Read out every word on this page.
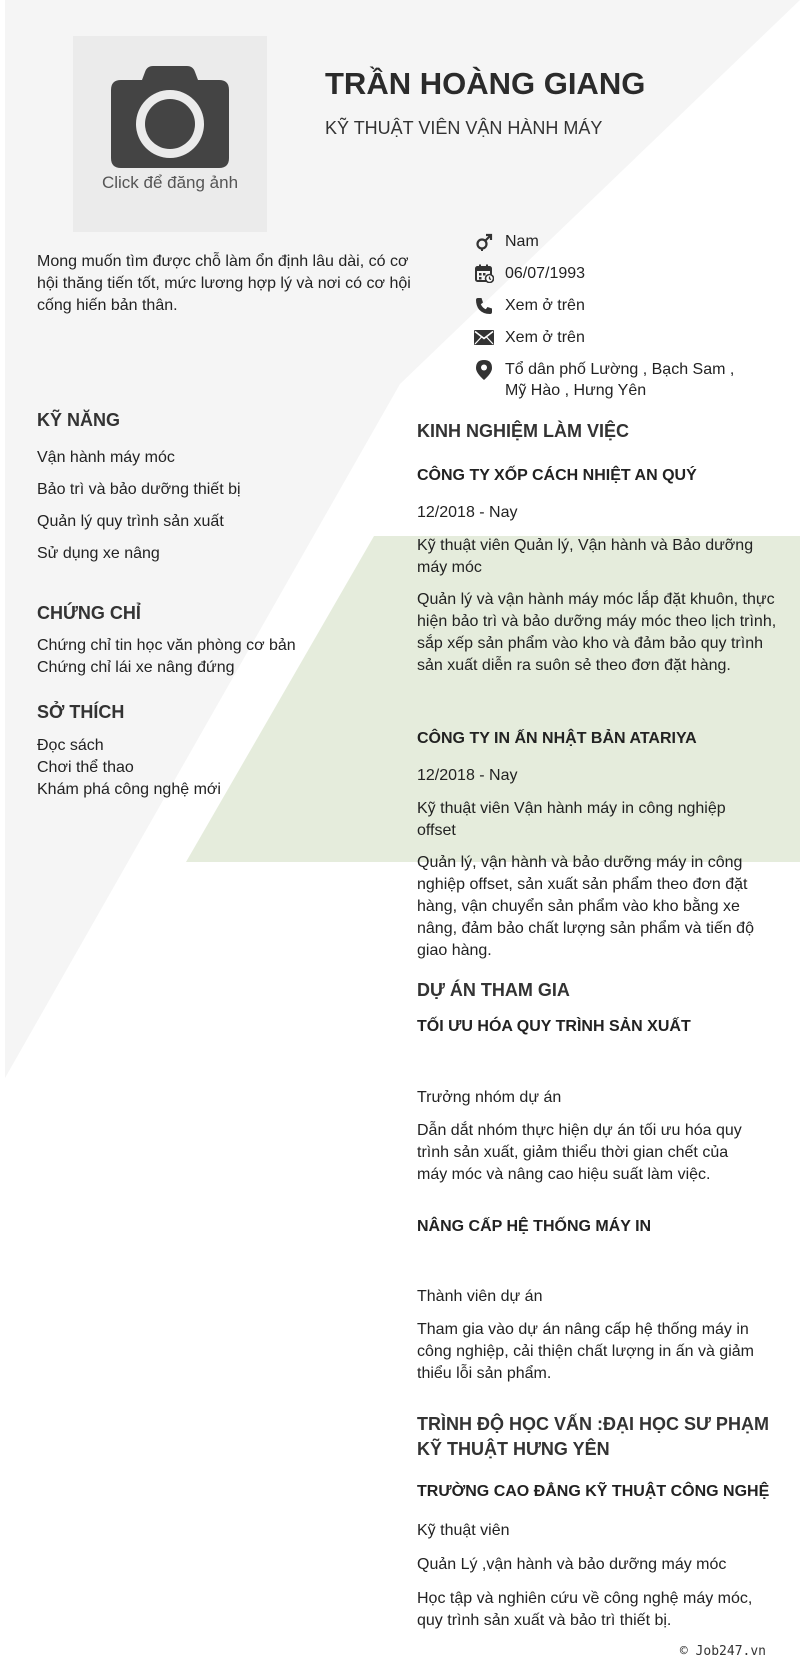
Click để đăng ảnh
TRẦN HOÀNG GIANG
KỸ THUẬT VIÊN VẬN HÀNH MÁY
Mong muốn tìm được chỗ làm ổn định lâu dài, có cơ hội thăng tiến tốt, mức lương hợp lý và nơi có cơ hội cống hiến bản thân.
Nam
06/07/1993
Xem ở trên
Xem ở trên
Tổ dân phố Lường , Bạch Sam , Mỹ Hào , Hưng Yên
KỸ NĂNG
Vận hành máy móc
Bảo trì và bảo dưỡng thiết bị
Quản lý quy trình sản xuất
Sử dụng xe nâng
CHỨNG CHỈ
Chứng chỉ tin học văn phòng cơ bản
Chứng chỉ lái xe nâng đứng
SỞ THÍCH
Đọc sách
Chơi thể thao
Khám phá công nghệ mới
KINH NGHIỆM LÀM VIỆC
CÔNG TY XỐP CÁCH NHIỆT AN QUÝ
12/2018 - Nay
Kỹ thuật viên Quản lý, Vận hành và Bảo dưỡng máy móc
Quản lý và vận hành máy móc lắp đặt khuôn, thực hiện bảo trì và bảo dưỡng máy móc theo lịch trình, sắp xếp sản phẩm vào kho và đảm bảo quy trình sản xuất diễn ra suôn sẻ theo đơn đặt hàng.
CÔNG TY IN ẤN NHẬT BẢN ATARIYA
12/2018 - Nay
Kỹ thuật viên Vận hành máy in công nghiệp offset
Quản lý, vận hành và bảo dưỡng máy in công nghiệp offset, sản xuất sản phẩm theo đơn đặt hàng, vận chuyển sản phẩm vào kho bằng xe nâng, đảm bảo chất lượng sản phẩm và tiến độ giao hàng.
DỰ ÁN THAM GIA
TỐI ƯU HÓA QUY TRÌNH SẢN XUẤT
Trưởng nhóm dự án
Dẫn dắt nhóm thực hiện dự án tối ưu hóa quy trình sản xuất, giảm thiểu thời gian chết của máy móc và nâng cao hiệu suất làm việc.
NÂNG CẤP HỆ THỐNG MÁY IN
Thành viên dự án
Tham gia vào dự án nâng cấp hệ thống máy in công nghiệp, cải thiện chất lượng in ấn và giảm thiểu lỗi sản phẩm.
TRÌNH ĐỘ HỌC VẤN :ĐẠI HỌC SƯ PHẠM KỸ THUẬT HƯNG YÊN
TRƯỜNG CAO ĐẲNG KỸ THUẬT CÔNG NGHỆ
Kỹ thuật viên
Quản Lý ,vận hành và bảo dưỡng máy móc
Học tập và nghiên cứu về công nghệ máy móc, quy trình sản xuất và bảo trì thiết bị.
© Job247.vn
